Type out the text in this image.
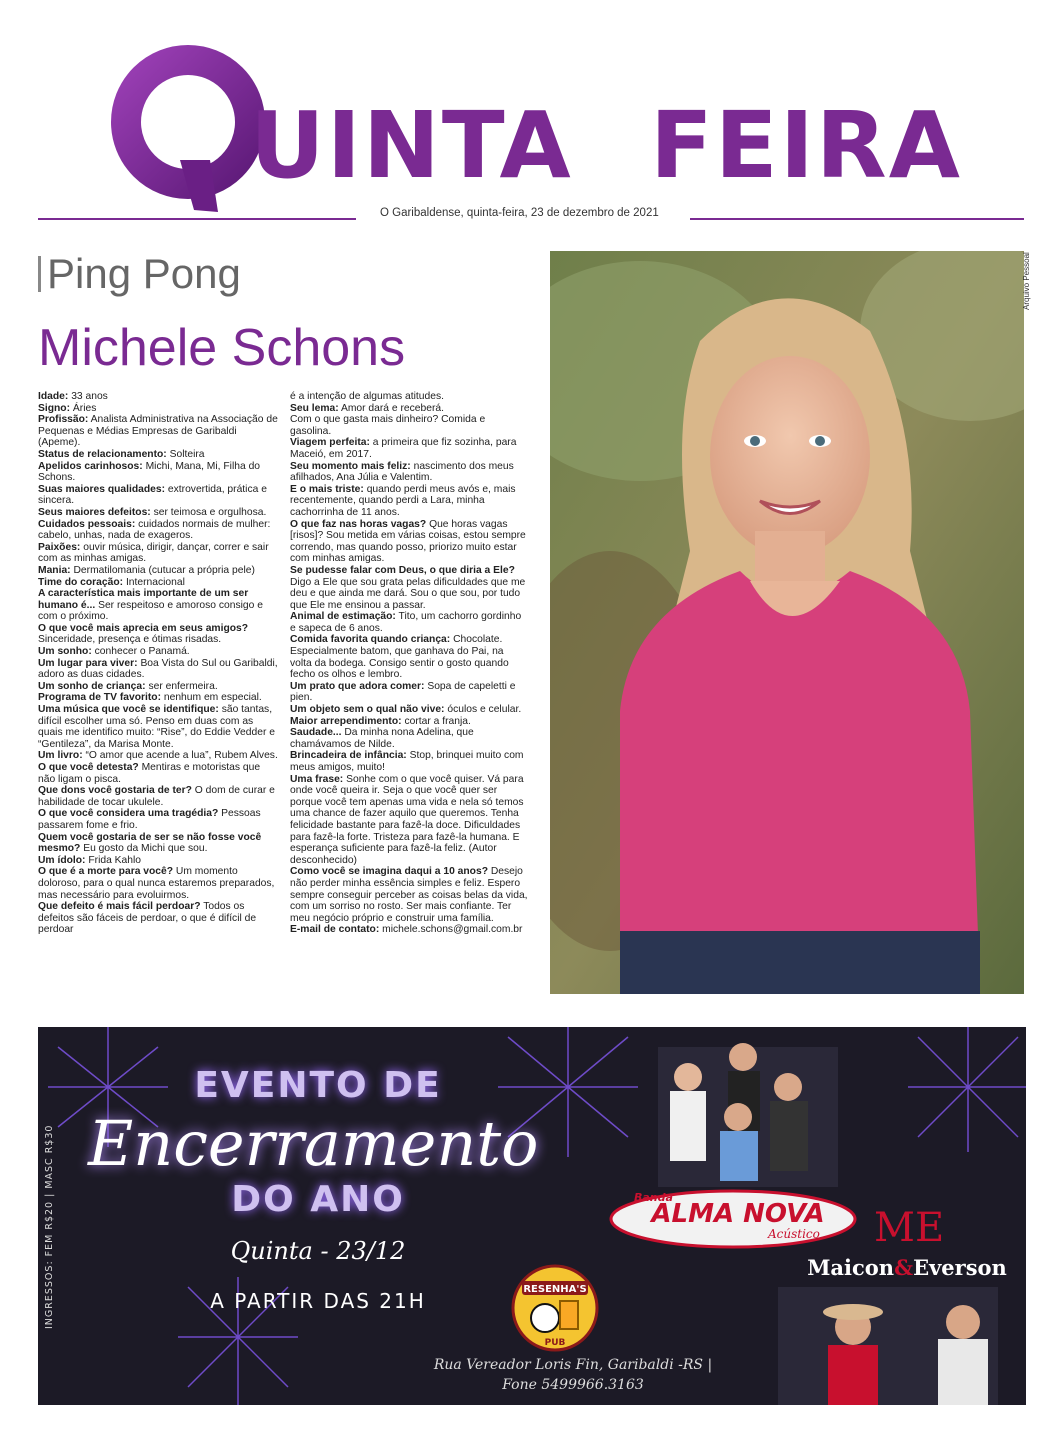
UINTA FEIRA
O Garibaldense, quinta-feira, 23 de dezembro de 2021
Ping Pong
Michele Schons

Idade: 33 anos

Signo: Áries

Profissão: Analista Administrativa na Associação de Pequenas e Médias Empresas de Garibaldi (Apeme).

Status de relacionamento: Solteira

Apelidos carinhosos: Michi, Mana, Mi, Filha do Schons.

Suas maiores qualidades: extrovertida, prática e sincera.

Seus maiores defeitos: ser teimosa e orgulhosa.

Cuidados pessoais: cuidados normais de mulher: cabelo, unhas, nada de exageros.

Paixões: ouvir música, dirigir, dançar, correr e sair com as minhas amigas.

Mania: Dermatilomania (cutucar a própria pele)

Time do coração: Internacional

A característica mais importante de um ser humano é... Ser respeitoso e amoroso consigo e com o próximo.

O que você mais aprecia em seus amigos? Sinceridade, presença e ótimas risadas.

Um sonho: conhecer o Panamá.

Um lugar para viver: Boa Vista do Sul ou Garibaldi, adoro as duas cidades.

Um sonho de criança: ser enfermeira.

Programa de TV favorito: nenhum em especial.

Uma música que você se identifique: são tantas, difícil escolher uma só. Penso em duas com as quais me identifico muito: “Rise”, do Eddie Vedder e “Gentileza”, da Marisa Monte.

Um livro: “O amor que acende a lua”, Rubem Alves.

O que você detesta? Mentiras e motoristas que não ligam o pisca.

Que dons você gostaria de ter? O dom de curar e habilidade de tocar ukulele.

O que você considera uma tragédia? Pessoas passarem fome e frio.

Quem você gostaria de ser se não fosse você mesmo? Eu gosto da Michi que sou.

Um ídolo: Frida Kahlo

O que é a morte para você? Um momento doloroso, para o qual nunca estaremos preparados, mas necessário para evoluirmos.

Que defeito é mais fácil perdoar? Todos os defeitos são fáceis de perdoar, o que é difícil de perdoar

é a intenção de algumas atitudes.

Seu lema: Amor dará e receberá.

Com o que gasta mais dinheiro? Comida e gasolina.

Viagem perfeita: a primeira que fiz sozinha, para Maceió, em 2017.

Seu momento mais feliz: nascimento dos meus afilhados, Ana Júlia e Valentim.

E o mais triste: quando perdi meus avós e, mais recentemente, quando perdi a Lara, minha cachorrinha de 11 anos.

O que faz nas horas vagas? Que horas vagas [risos]? Sou metida em várias coisas, estou sempre correndo, mas quando posso, priorizo muito estar com minhas amigas.

Se pudesse falar com Deus, o que diria a Ele? Digo a Ele que sou grata pelas dificuldades que me deu e que ainda me dará. Sou o que sou, por tudo que Ele me ensinou a passar.

Animal de estimação: Tito, um cachorro gordinho e sapeca de 6 anos.

Comida favorita quando criança: Chocolate. Especialmente batom, que ganhava do Pai, na volta da bodega. Consigo sentir o gosto quando fecho os olhos e lembro.

Um prato que adora comer: Sopa de capeletti e pien.

Um objeto sem o qual não vive: óculos e celular.

Maior arrependimento: cortar a franja.

Saudade... Da minha nona Adelina, que chamávamos de Nilde.

Brincadeira de infância: Stop, brinquei muito com meus amigos, muito!

Uma frase: Sonhe com o que você quiser. Vá para onde você queira ir. Seja o que você quer ser porque você tem apenas uma vida e nela só temos uma chance de fazer aquilo que queremos. Tenha felicidade bastante para fazê-la doce. Dificuldades para fazê-la forte. Tristeza para fazê-la humana. E esperança suficiente para fazê-la feliz. (Autor desconhecido)

Como você se imagina daqui a 10 anos? Desejo não perder minha essência simples e feliz. Espero sempre conseguir perceber as coisas belas da vida, com um sorriso no rosto. Ser mais confiante. Ter meu negócio próprio e construir uma família.

E-mail de contato: michele.schons@gmail.com.br

Arquivo Pessoal
EVENTO DE
Encerramento
DO ANO
Quinta - 23/12
A PARTIR DAS 21H
INGRESSOS: FEM R$20 | MASC R$30	Banda
ALMA NOVA
Acústico ME
Maicon&Everson
RESENHA'S
PUB
Rua Vereador Loris Fin, Garibaldi -RS |
Fone 5499966.3163
